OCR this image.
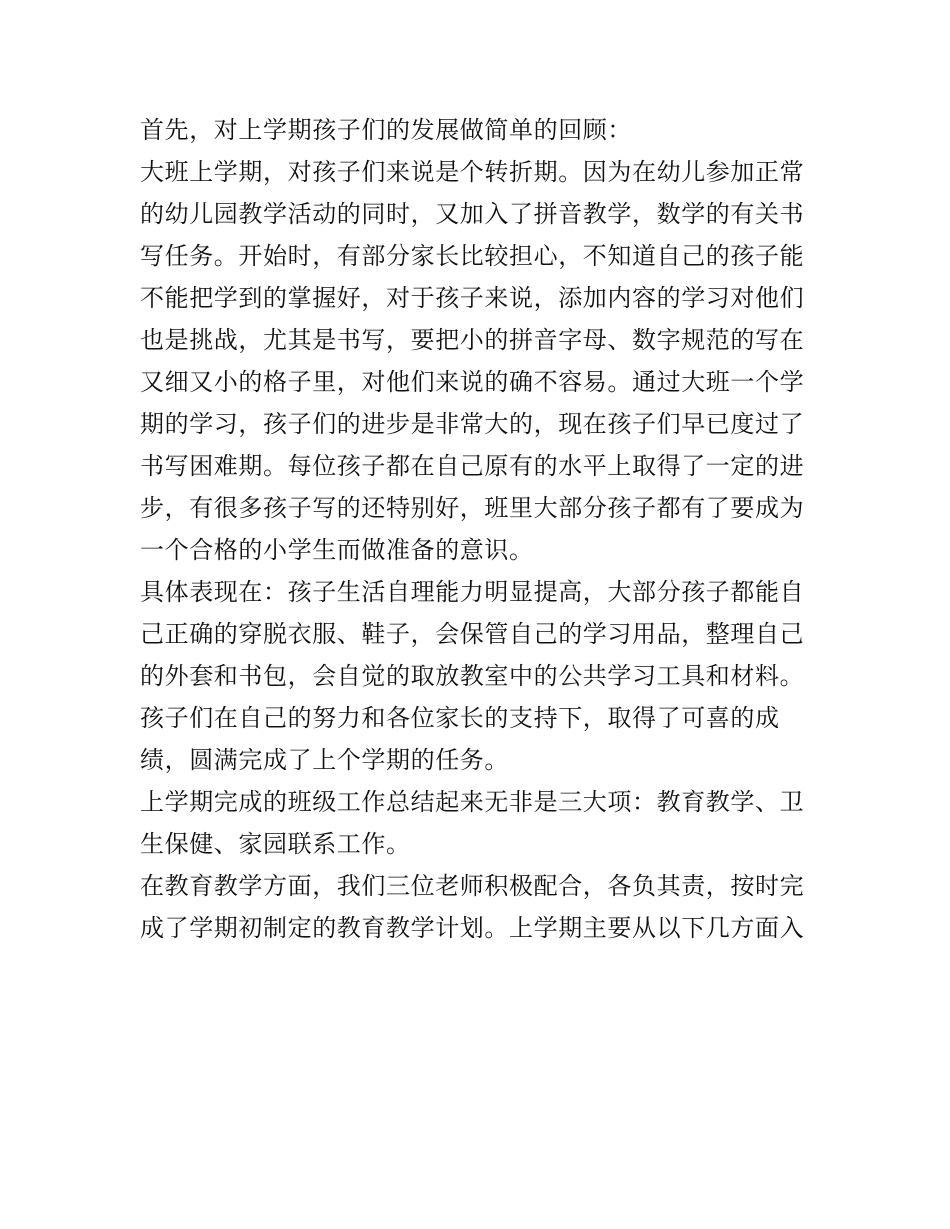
首先，对上学期孩子们的发展做简单的回顾：
大班上学期，对孩子们来说是个转折期。因为在幼儿参加正常
的幼儿园教学活动的同时，又加入了拼音教学，数学的有关书
写任务。开始时，有部分家长比较担心，不知道自己的孩子能
不能把学到的掌握好，对于孩子来说，添加内容的学习对他们
也是挑战，尤其是书写，要把小的拼音字母、数字规范的写在
又细又小的格子里，对他们来说的确不容易。通过大班一个学
期的学习，孩子们的进步是非常大的，现在孩子们早已度过了
书写困难期。每位孩子都在自己原有的水平上取得了一定的进
步，有很多孩子写的还特别好，班里大部分孩子都有了要成为
一个合格的小学生而做准备的意识。
具体表现在：孩子生活自理能力明显提高，大部分孩子都能自
己正确的穿脱衣服、鞋子，会保管自己的学习用品，整理自己
的外套和书包，会自觉的取放教室中的公共学习工具和材料。
孩子们在自己的努力和各位家长的支持下，取得了可喜的成
绩，圆满完成了上个学期的任务。
上学期完成的班级工作总结起来无非是三大项：教育教学、卫
生保健、家园联系工作。
在教育教学方面，我们三位老师积极配合，各负其责，按时完
成了学期初制定的教育教学计划。上学期主要从以下几方面入
